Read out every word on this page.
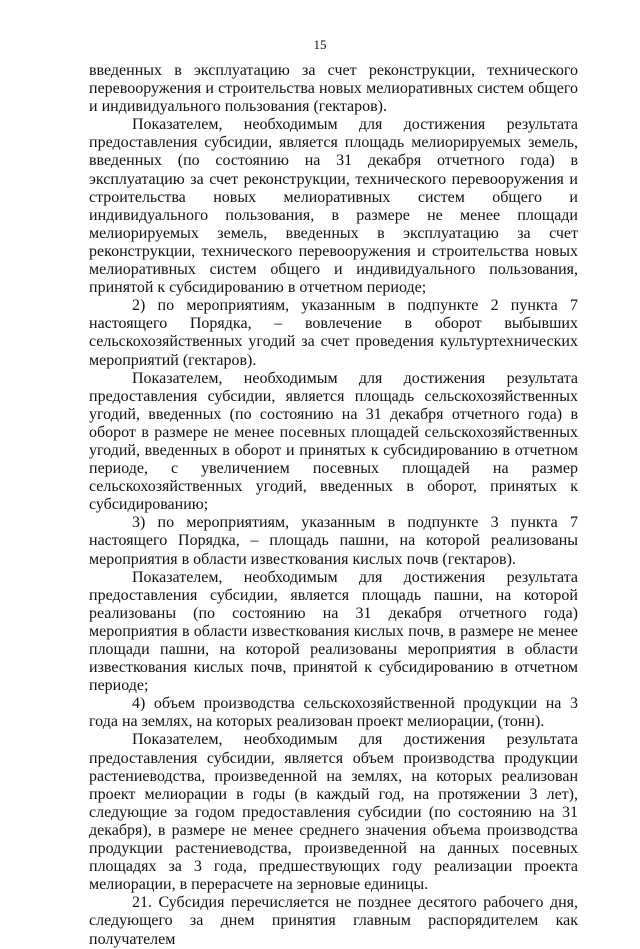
15

введенных в эксплуатацию за счет реконструкции, технического перевооружения и строительства новых мелиоративных систем общего и индивидуального пользования (гектаров).

Показателем, необходимым для достижения результата предоставления субсидии, является площадь мелиорируемых земель, введенных (по состоянию на 31 декабря отчетного года) в эксплуатацию за счет реконструкции, технического перевооружения и строительства новых мелиоративных систем общего и индивидуального пользования, в размере не менее площади мелиорируемых земель, введенных в эксплуатацию за счет реконструкции, технического перевооружения и строительства новых мелиоративных систем общего и индивидуального пользования, принятой к субсидированию в отчетном периоде;

2) по мероприятиям, указанным в подпункте 2 пункта 7 настоящего Порядка, – вовлечение в оборот выбывших сельскохозяйственных угодий за счет проведения культуртехнических мероприятий (гектаров).

Показателем, необходимым для достижения результата предоставления субсидии, является площадь сельскохозяйственных угодий, введенных (по состоянию на 31 декабря отчетного года) в оборот в размере не менее посевных площадей сельскохозяйственных угодий, введенных в оборот и принятых к субсидированию в отчетном периоде, с увеличением посевных площадей на размер сельскохозяйственных угодий, введенных в оборот, принятых к субсидированию;

3) по мероприятиям, указанным в подпункте 3 пункта 7 настоящего Порядка, – площадь пашни, на которой реализованы мероприятия в области известкования кислых почв (гектаров).

Показателем, необходимым для достижения результата предоставления субсидии, является площадь пашни, на которой реализованы (по состоянию на 31 декабря отчетного года) мероприятия в области известкования кислых почв, в размере не менее площади пашни, на которой реализованы мероприятия в области известкования кислых почв, принятой к субсидированию в отчетном периоде;

4) объем производства сельскохозяйственной продукции на 3 года на землях, на которых реализован проект мелиорации, (тонн).

Показателем, необходимым для достижения результата предоставления субсидии, является объем производства продукции растениеводства, произведенной на землях, на которых реализован проект мелиорации в годы (в каждый год, на протяжении 3 лет), следующие за годом предоставления субсидии (по состоянию на 31 декабря), в размере не менее среднего значения объема производства продукции растениеводства, произведенной на данных посевных площадях за 3 года, предшествующих году реализации проекта мелиорации, в перерасчете на зерновые единицы.

21. Субсидия перечисляется не позднее десятого рабочего дня, следующего за днем принятия главным распорядителем как получателем
